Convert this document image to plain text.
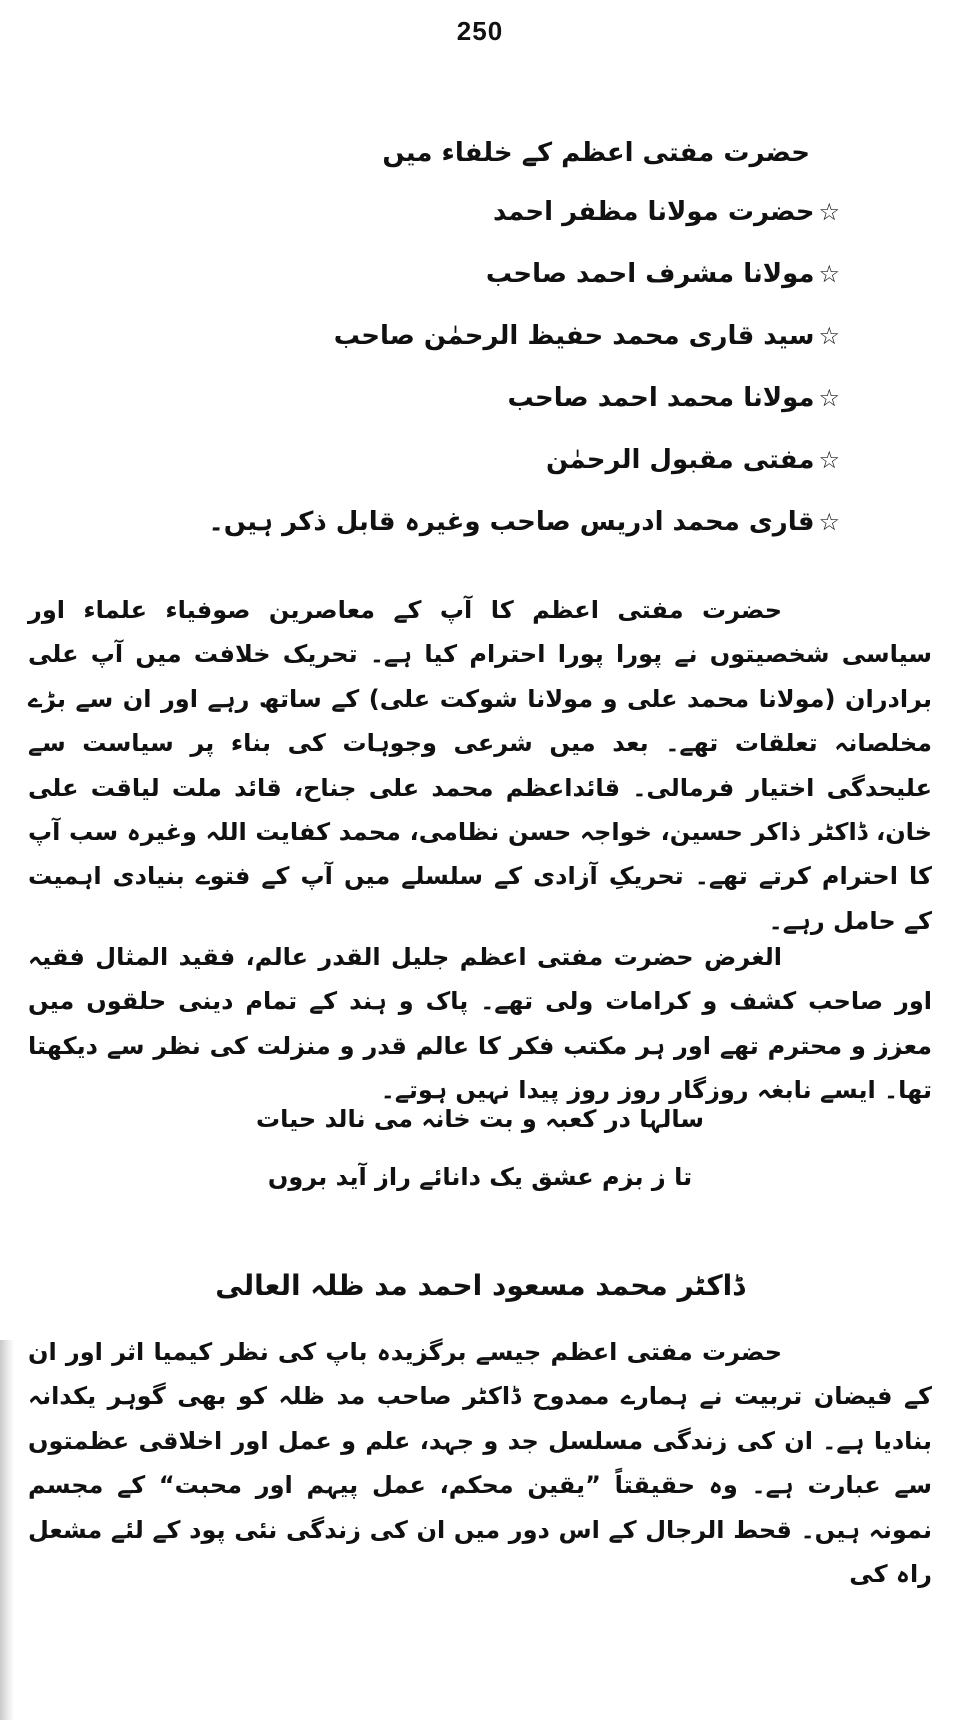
250
حضرت مفتی اعظم کے خلفاء میں
☆حضرت مولانا مظفر احمد
☆مولانا مشرف احمد صاحب
☆سید قاری محمد حفیظ الرحمٰن صاحب
☆مولانا محمد احمد صاحب
☆مفتی مقبول الرحمٰن
☆قاری محمد ادریس صاحب وغیرہ قابل ذکر ہیں۔

حضرت مفتی اعظم کا آپ کے معاصرین صوفیاء علماء اور سیاسی شخصیتوں نے پورا پورا احترام کیا ہے۔ تحریک خلافت میں آپ علی برادران (مولانا محمد علی و مولانا شوکت علی) کے ساتھ رہے اور ان سے بڑے مخلصانہ تعلقات تھے۔ بعد میں شرعی وجوہات کی بناء پر سیاست سے علیحدگی اختیار فرمالی۔ قائداعظم محمد علی جناح، قائد ملت لیاقت علی خان، ڈاکٹر ذاکر حسین، خواجہ حسن نظامی، محمد کفایت اللہ وغیرہ سب آپ کا احترام کرتے تھے۔ تحریکِ آزادی کے سلسلے میں آپ کے فتوے بنیادی اہمیت کے حامل رہے۔

الغرض حضرت مفتی اعظم جلیل القدر عالم، فقید المثال فقیہ اور صاحب کشف و کرامات ولی تھے۔ پاک و ہند کے تمام دینی حلقوں میں معزز و محترم تھے اور ہر مکتب فکر کا عالم قدر و منزلت کی نظر سے دیکھتا تھا۔ ایسے نابغہ روزگار روز روز پیدا نہیں ہوتے۔

سالہا در کعبہ و بت خانہ می نالد حیات
تا ز بزم عشق یک دانائے راز آید بروں
ڈاکٹر محمد مسعود احمد مد ظلہ العالی

حضرت مفتی اعظم جیسے برگزیدہ باپ کی نظر کیمیا اثر اور ان کے فیضان تربیت نے ہمارے ممدوح ڈاکٹر صاحب مد ظلہ کو بھی گوہر یکدانہ بنادیا ہے۔ ان کی زندگی مسلسل جد و جہد، علم و عمل اور اخلاقی عظمتوں سے عبارت ہے۔ وہ حقیقتاً ”یقین محکم، عمل پیہم اور محبت“ کے مجسم نمونہ ہیں۔ قحط الرجال کے اس دور میں ان کی زندگی نئی پود کے لئے مشعل راہ کی
